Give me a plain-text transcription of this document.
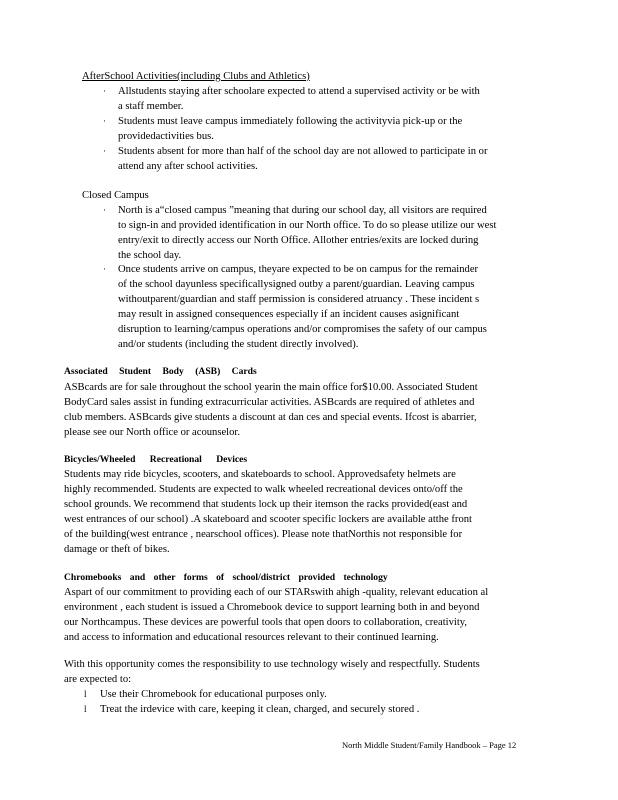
AfterSchool Activities(including Clubs and Athletics)
· Allstudents staying after schoolare expected to attend a supervised activity or be with
a staff member.
· Students must leave campus immediately following the activityvia pick-up or the
providedactivities bus.
· Students absent for more than half of the school day are not allowed to participate in or
attend any after school activities.
Closed Campus
· North is a“closed campus ”meaning that during our school day, all visitors are required
to sign-in and provided identification in our North office. To do so please utilize our west
entry/exit to directly access our North Office. Allother entries/exits are locked during
the school day.
· Once students arrive on campus, theyare expected to be on campus for the remainder
of the school dayunless specificallysigned outby a parent/guardian. Leaving campus
withoutparent/guardian and staff permission is considered atruancy . These incident s
may result in assigned consequences especially if an incident causes asignificant
disruption to learning/campus operations and/or compromises the safety of our campus
and/or students (including the student directly involved).
Associated Student Body (ASB) Cards
ASBcards are for sale throughout the school yearin the main office for$10.00. Associated Student
BodyCard sales assist in funding extracurricular activities. ASBcards are required of athletes and
club members. ASBcards give students a discount at dan ces and special events. Ifcost is abarrier,
please see our North office or acounselor.
Bicycles/Wheeled Recreational Devices
Students may ride bicycles, scooters, and skateboards to school. Approvedsafety helmets are
highly recommended. Students are expected to walk wheeled recreational devices onto/off the
school grounds. We recommend that students lock up their itemson the racks provided(east and
west entrances of our school) .A skateboard and scooter specific lockers are available atthe front
of the building(west entrance , nearschool offices). Please note thatNorthis not responsible for
damage or theft of bikes.
Chromebooks and other forms of school/district provided technology
Aspart of our commitment to providing each of our STARswith ahigh -quality, relevant education al
environment , each student is issued a Chromebook device to support learning both in and beyond
our Northcampus. These devices are powerful tools that open doors to collaboration, creativity,
and access to information and educational resources relevant to their continued learning.
With this opportunity comes the responsibility to use technology wisely and respectfully. Students
are expected to:
l Use their Chromebook for educational purposes only.
l Treat the irdevice with care, keeping it clean, charged, and securely stored .
North Middle Student/Family Handbook – Page 12
